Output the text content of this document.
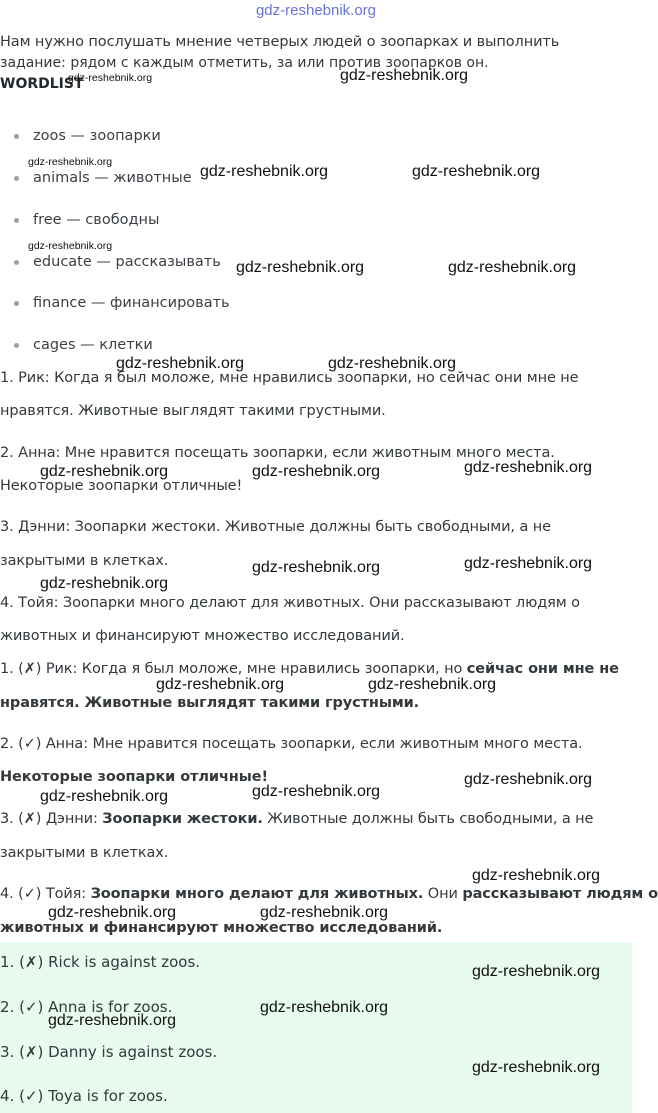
gdz-reshebnik.org
Нам нужно послушать мнение четверых людей о зоопарках и выполнить
задание: рядом с каждым отметить, за или против зоопарков он.
WORDLIST
zoos — зоопарки
animals — животные
free — свободны
educate — рассказывать
finance — финансировать
cages — клетки
1. Рик: Когда я был моложе, мне нравились зоопарки, но сейчас они мне не
нравятся. Животные выглядят такими грустными.
2. Анна: Мне нравится посещать зоопарки, если животным много места.
Некоторые зоопарки отличные!
3. Дэнни: Зоопарки жестоки. Животные должны быть свободными, а не
закрытыми в клетках.
4. Тойя: Зоопарки много делают для животных. Они рассказывают людям о
животных и финансируют множество исследований.
1. (✗) Рик: Когда я был моложе, мне нравились зоопарки, но сейчас они мне не
нравятся. Животные выглядят такими грустными.
2. (✓) Анна: Мне нравится посещать зоопарки, если животным много места.
Некоторые зоопарки отличные!
3. (✗) Дэнни: Зоопарки жестоки. Животные должны быть свободными, а не
закрытыми в клетках.
4. (✓) Тойя: Зоопарки много делают для животных. Они рассказывают людям о
животных и финансируют множество исследований.
1. (✗) Rick is against zoos.
2. (✓) Anna is for zoos.
3. (✗) Danny is against zoos.
4. (✓) Toya is for zoos.
gdz-reshebnik.org	gdz-reshebnik.org
gdz-reshebnik.org
gdz-reshebnik.org	gdz-reshebnik.org
gdz-reshebnik.org
gdz-reshebnik.org	gdz-reshebnik.org
gdz-reshebnik.org	gdz-reshebnik.org
gdz-reshebnik.org	gdz-reshebnik.org	gdz-reshebnik.org
gdz-reshebnik.org	gdz-reshebnik.org
gdz-reshebnik.org
gdz-reshebnik.org	gdz-reshebnik.org
gdz-reshebnik.org
gdz-reshebnik.org	gdz-reshebnik.org
gdz-reshebnik.org
gdz-reshebnik.org	gdz-reshebnik.org
gdz-reshebnik.org
gdz-reshebnik.org
gdz-reshebnik.org
gdz-reshebnik.org
